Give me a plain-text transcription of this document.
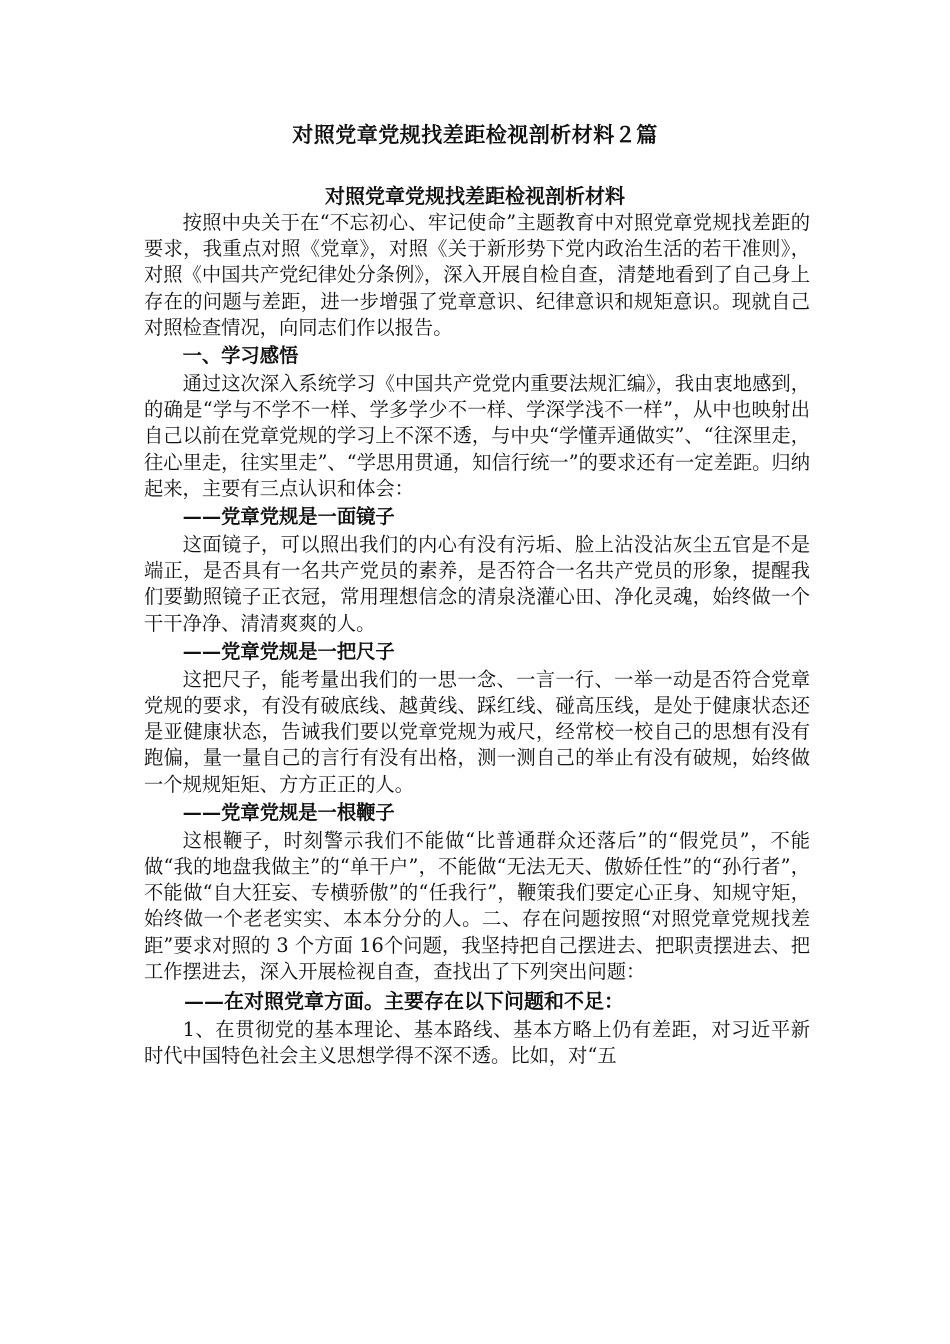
对照党章党规找差距检视剖析材料２篇
对照党章党规找差距检视剖析材料

按照中央关于在“不忘初心、牢记使命”主题教育中对照党章党规找差距的要求，我重点对照《党章》，对照《关于新形势下党内政治生活的若干准则》，对照《中国共产党纪律处分条例》，深入开展自检自查，清楚地看到了自己身上存在的问题与差距，进一步增强了党章意识、纪律意识和规矩意识。现就自己对照检查情况，向同志们作以报告。

一、学习感悟

通过这次深入系统学习《中国共产党党内重要法规汇编》，我由衷地感到，的确是“学与不学不一样、学多学少不一样、学深学浅不一样”，从中也映射出自己以前在党章党规的学习上不深不透，与中央“学懂弄通做实”、“往深里走，往心里走，往实里走”、“学思用贯通，知信行统一”的要求还有一定差距。归纳起来，主要有三点认识和体会：

——党章党规是一面镜子

这面镜子，可以照出我们的内心有没有污垢、脸上沾没沾灰尘五官是不是端正，是否具有一名共产党员的素养，是否符合一名共产党员的形象，提醒我们要勤照镜子正衣冠，常用理想信念的清泉浇灌心田、净化灵魂，始终做一个干干净净、清清爽爽的人。

——党章党规是一把尺子

这把尺子，能考量出我们的一思一念、一言一行、一举一动是否符合党章党规的要求，有没有破底线、越黄线、踩红线、碰高压线，是处于健康状态还是亚健康状态，告诫我们要以党章党规为戒尺，经常校一校自己的思想有没有跑偏，量一量自己的言行有没有出格，测一测自己的举止有没有破规，始终做一个规规矩矩、方方正正的人。

——党章党规是一根鞭子

这根鞭子，时刻警示我们不能做“比普通群众还落后”的“假党员”，不能做“我的地盘我做主”的“单干户”，不能做“无法无天、傲娇任性”的“孙行者”，不能做“自大狂妄、专横骄傲”的“任我行”，鞭策我们要定心正身、知规守矩，始终做一个老老实实、本本分分的人。二、存在问题按照“对照党章党规找差距”要求对照的 3 个方面 16个问题，我坚持把自己摆进去、把职责摆进去、把工作摆进去，深入开展检视自查，查找出了下列突出问题：

——在对照党章方面。主要存在以下问题和不足：

1、在贯彻党的基本理论、基本路线、基本方略上仍有差距，对习近平新时代中国特色社会主义思想学得不深不透。比如，对“五
